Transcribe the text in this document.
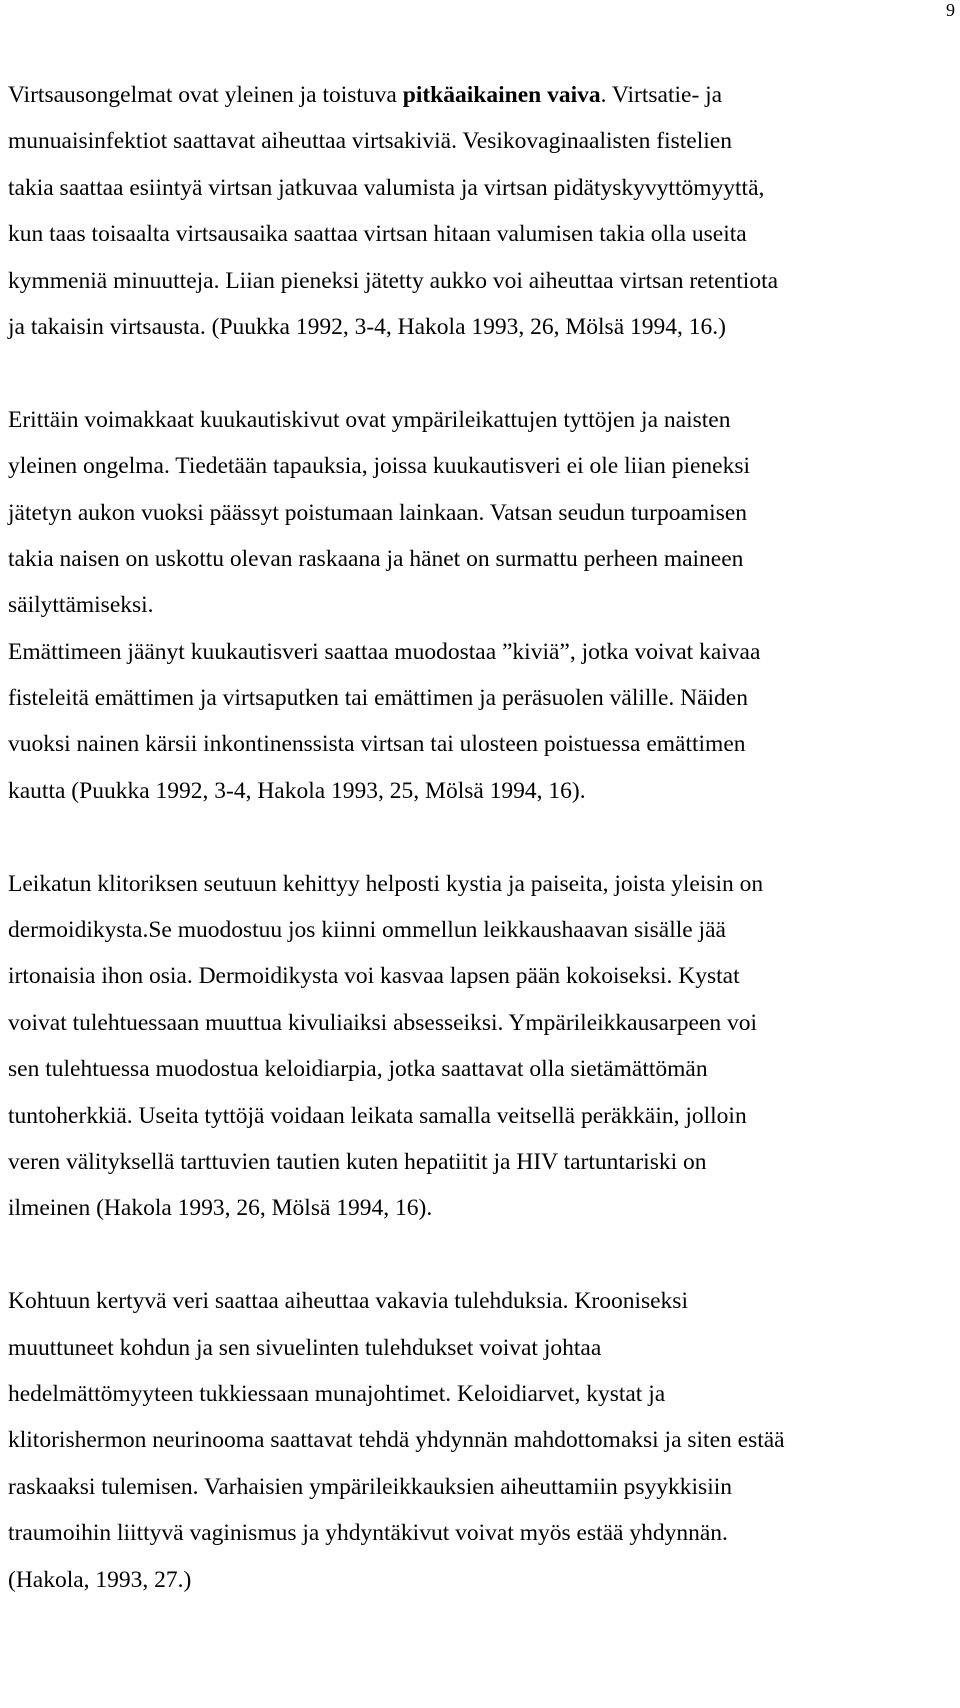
9
Virtsausongelmat ovat yleinen ja toistuva pitkäaikainen vaiva. Virtsatie- ja
munuaisinfektiot saattavat aiheuttaa virtsakiviä. Vesikovaginaalisten fistelien
takia saattaa esiintyä virtsan jatkuvaa valumista ja virtsan pidätyskyvyttömyyttä,
kun taas toisaalta virtsausaika saattaa virtsan hitaan valumisen takia olla useita
kymmeniä minuutteja. Liian pieneksi jätetty aukko voi aiheuttaa virtsan retentiota
ja takaisin virtsausta. (Puukka 1992, 3-4, Hakola 1993, 26, Mölsä 1994, 16.)
Erittäin voimakkaat kuukautiskivut ovat ympärileikattujen tyttöjen ja naisten
yleinen ongelma. Tiedetään tapauksia, joissa kuukautisveri ei ole liian pieneksi
jätetyn aukon vuoksi päässyt poistumaan lainkaan. Vatsan seudun turpoamisen
takia naisen on uskottu olevan raskaana ja hänet on surmattu perheen maineen
säilyttämiseksi.
Emättimeen jäänyt kuukautisveri saattaa muodostaa ”kiviä”, jotka voivat kaivaa
fisteleitä emättimen ja virtsaputken tai emättimen ja peräsuolen välille. Näiden
vuoksi nainen kärsii inkontinenssista virtsan tai ulosteen poistuessa emättimen
kautta (Puukka 1992, 3-4, Hakola 1993, 25, Mölsä 1994, 16).
Leikatun klitoriksen seutuun kehittyy helposti kystia ja paiseita, joista yleisin on
dermoidikysta.Se muodostuu jos kiinni ommellun leikkaushaavan sisälle jää
irtonaisia ihon osia. Dermoidikysta voi kasvaa lapsen pään kokoiseksi. Kystat
voivat tulehtuessaan muuttua kivuliaiksi absesseiksi. Ympärileikkausarpeen voi
sen tulehtuessa muodostua keloidiarpia, jotka saattavat olla sietämättömän
tuntoherkkiä. Useita tyttöjä voidaan leikata samalla veitsellä peräkkäin, jolloin
veren välityksellä tarttuvien tautien kuten hepatiitit ja HIV tartuntariski on
ilmeinen (Hakola 1993, 26, Mölsä 1994, 16).
Kohtuun kertyvä veri saattaa aiheuttaa vakavia tulehduksia. Krooniseksi
muuttuneet kohdun ja sen sivuelinten tulehdukset voivat johtaa
hedelmättömyyteen tukkiessaan munajohtimet. Keloidiarvet, kystat ja
klitorishermon neurinooma saattavat tehdä yhdynnän mahdottomaksi ja siten estää
raskaaksi tulemisen. Varhaisien ympärileikkauksien aiheuttamiin psyykkisiin
traumoihin liittyvä vaginismus ja yhdyntäkivut voivat myös estää yhdynnän.
(Hakola, 1993, 27.)
